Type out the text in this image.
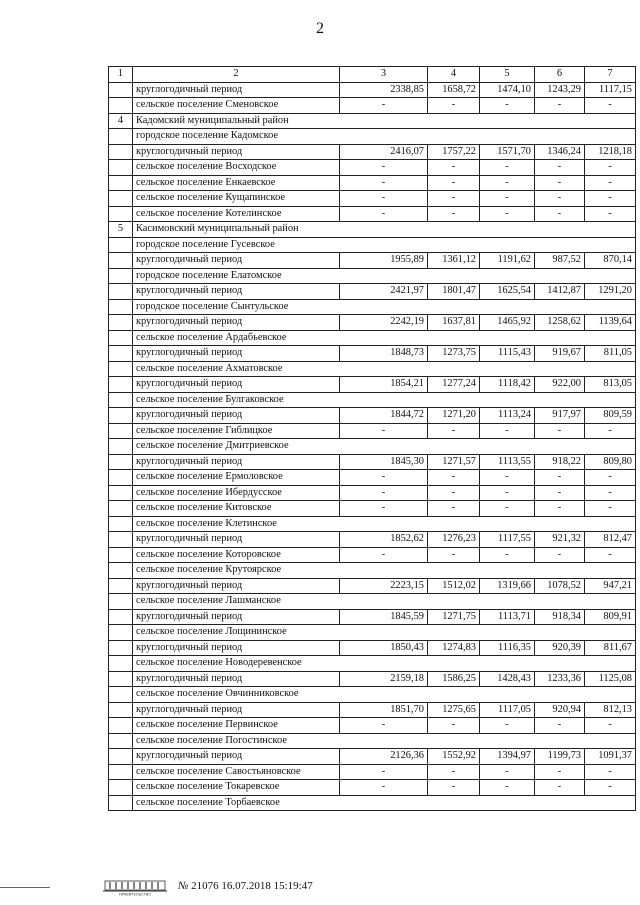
2
1	2	3	4	5	6	7
	круглогодичный период	2338,85	1658,72	1474,10	1243,29	1117,15
	сельское поселение Сменовское	-	-	-	-	-
4	Кадомский муниципальный район					
	городское поселение Кадомское					
	круглогодичный период	2416,07	1757,22	1571,70	1346,24	1218,18
	сельское поселение Восходское	-	-	-	-	-
	сельское поселение Енкаевское	-	-	-	-	-
	сельское поселение Кущапинское	-	-	-	-	-
	сельское поселение Котелинское	-	-	-	-	-
5	Касимовский муниципальный район					
	городское поселение Гусевское					
	круглогодичный период	1955,89	1361,12	1191,62	987,52	870,14
	городское поселение Елатомское					
	круглогодичный период	2421,97	1801,47	1625,54	1412,87	1291,20
	городское поселение Сынтульское					
	круглогодичный период	2242,19	1637,81	1465,92	1258,62	1139,64
	сельское поселение Ардабьевское					
	круглогодичный период	1848,73	1273,75	1115,43	919,67	811,05
	сельское поселение Ахматовское					
	круглогодичный период	1854,21	1277,24	1118,42	922,00	813,05
	сельское поселение Булгаковское					
	круглогодичный период	1844,72	1271,20	1113,24	917,97	809,59
	сельское поселение Гиблицкое	-	-	-	-	-
	сельское поселение Дмитриевское					
	круглогодичный период	1845,30	1271,57	1113,55	918,22	809,80
	сельское поселение Ермоловское	-	-	-	-	-
	сельское поселение Ибердусское	-	-	-	-	-
	сельское поселение Китовское	-	-	-	-	-
	сельское поселение Клетинское					
	круглогодичный период	1852,62	1276,23	1117,55	921,32	812,47
	сельское поселение Которовское	-	-	-	-	-
	сельское поселение Крутоярское					
	круглогодичный период	2223,15	1512,02	1319,66	1078,52	947,21
	сельское поселение Лашманское					
	круглогодичный период	1845,59	1271,75	1113,71	918,34	809,91
	сельское поселение Лощининское					
	круглогодичный период	1850,43	1274,83	1116,35	920,39	811,67
	сельское поселение Новодеревенское					
	круглогодичный период	2159,18	1586,25	1428,43	1233,36	1125,08
	сельское поселение Овчинниковское					
	круглогодичный период	1851,70	1275,65	1117,05	920,94	812,13
	сельское поселение Первинское	-	-	-	-	-
	сельское поселение Погостинское					
	круглогодичный период	2126,36	1552,92	1394,97	1199,73	1091,37
	сельское поселение Савостьяновское	-	-	-	-	-
	сельское поселение Токаревское	-	-	-	-	-
	сельское поселение Торбаевское					
ПРАВИТЕЛЬСТВО
№ 21076 16.07.2018 15:19:47
